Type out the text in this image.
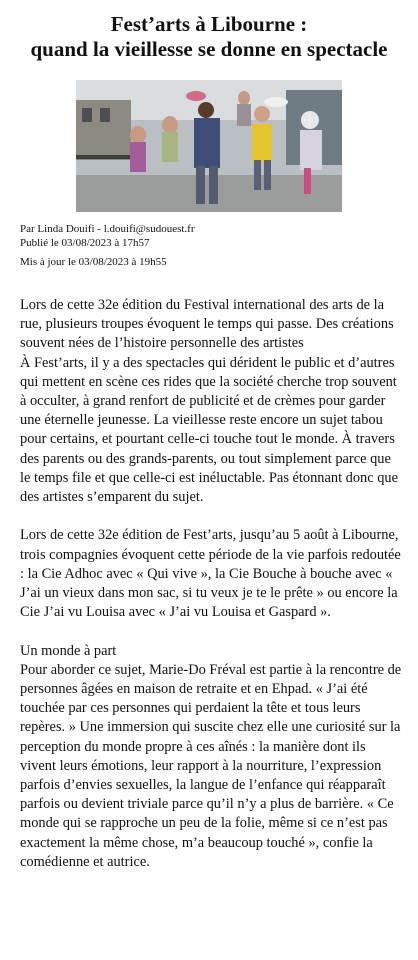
Fest’arts à Libourne :
quand la vieillesse se donne en spectacle
Par Linda Douifi - l.douifi@sudouest.fr
Publié le 03/08/2023 à 17h57
Mis à jour le 03/08/2023 à 19h55

Lors de cette 32e édition du Festival international des arts de la rue, plusieurs troupes évoquent le temps qui passe. Des créations souvent nées de l’histoire personnelle des artistes

À Fest’arts, il y a des spectacles qui dérident le public et d’autres qui mettent en scène ces rides que la société cherche trop souvent à occulter, à grand renfort de publicité et de crèmes pour garder une éternelle jeunesse. La vieillesse reste encore un sujet tabou pour certains, et pourtant celle-ci touche tout le monde. À travers des parents ou des grands-parents, ou tout simplement parce que le temps file et que celle-ci est inéluctable. Pas étonnant donc que des artistes s’emparent du sujet.

Lors de cette 32e édition de Fest’arts, jusqu’au 5 août à Libourne, trois compagnies évoquent cette période de la vie parfois redoutée : la Cie Adhoc avec « Qui vive », la Cie Bouche à bouche avec « J’ai un vieux dans mon sac, si tu veux je te le prête » ou encore la Cie J’ai vu Louisa avec « J’ai vu Louisa et Gaspard ».

Un monde à part

Pour aborder ce sujet, Marie-Do Fréval est partie à la rencontre de personnes âgées en maison de retraite et en Ehpad. « J’ai été touchée par ces personnes qui perdaient la tête et tous leurs repères. » Une immersion qui suscite chez elle une curiosité sur la perception du monde propre à ces aînés : la manière dont ils vivent leurs émotions, leur rapport à la nourriture, l’expression parfois d’envies sexuelles, la langue de l’enfance qui réapparaît parfois ou devient triviale parce qu’il n’y a plus de barrière. « Ce monde qui se rapproche un peu de la folie, même si ce n’est pas exactement la même chose, m’a beaucoup touché », confie la comédienne et autrice.
